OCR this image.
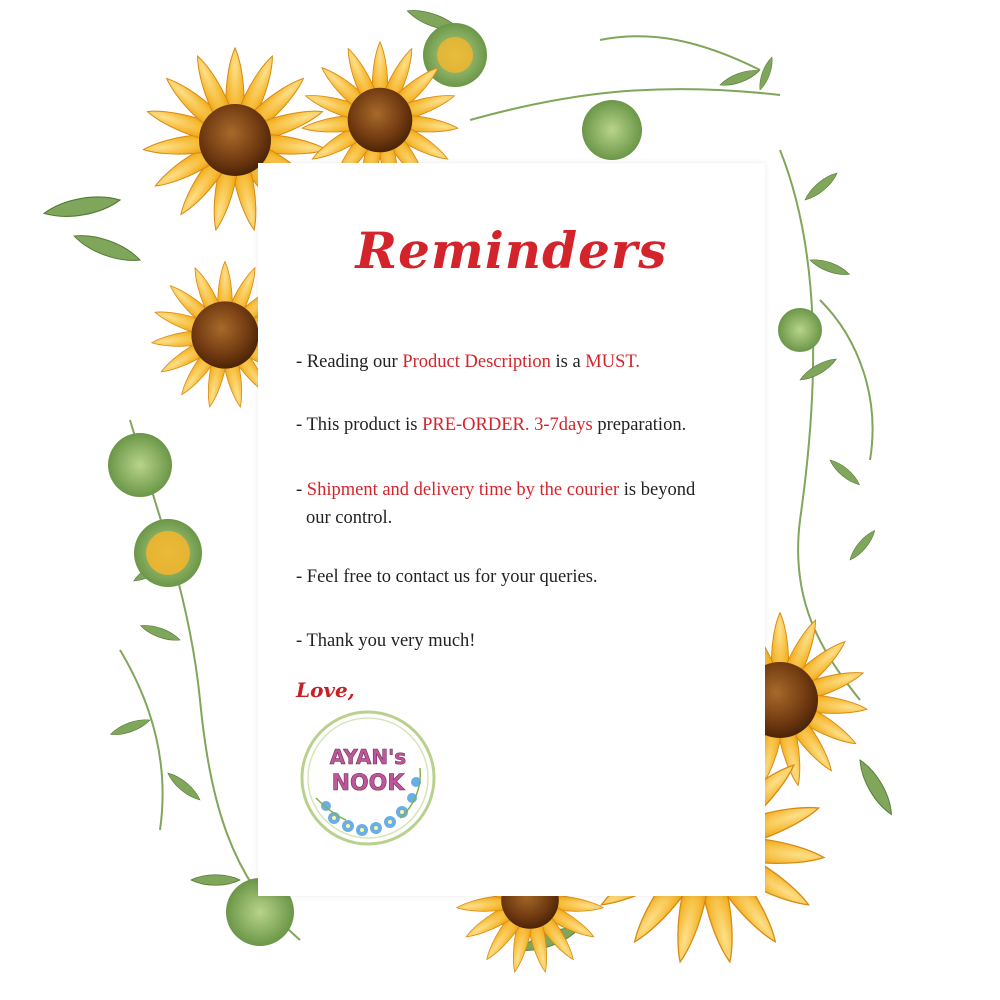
Reminders
- Reading our Product Description is a MUST.
- This product is PRE-ORDER. 3-7days preparation.
- Shipment and delivery time by the courier is beyond
our control.
- Feel free to contact us for your queries.
- Thank you very much!
Love,
AYAN's
NOOK
